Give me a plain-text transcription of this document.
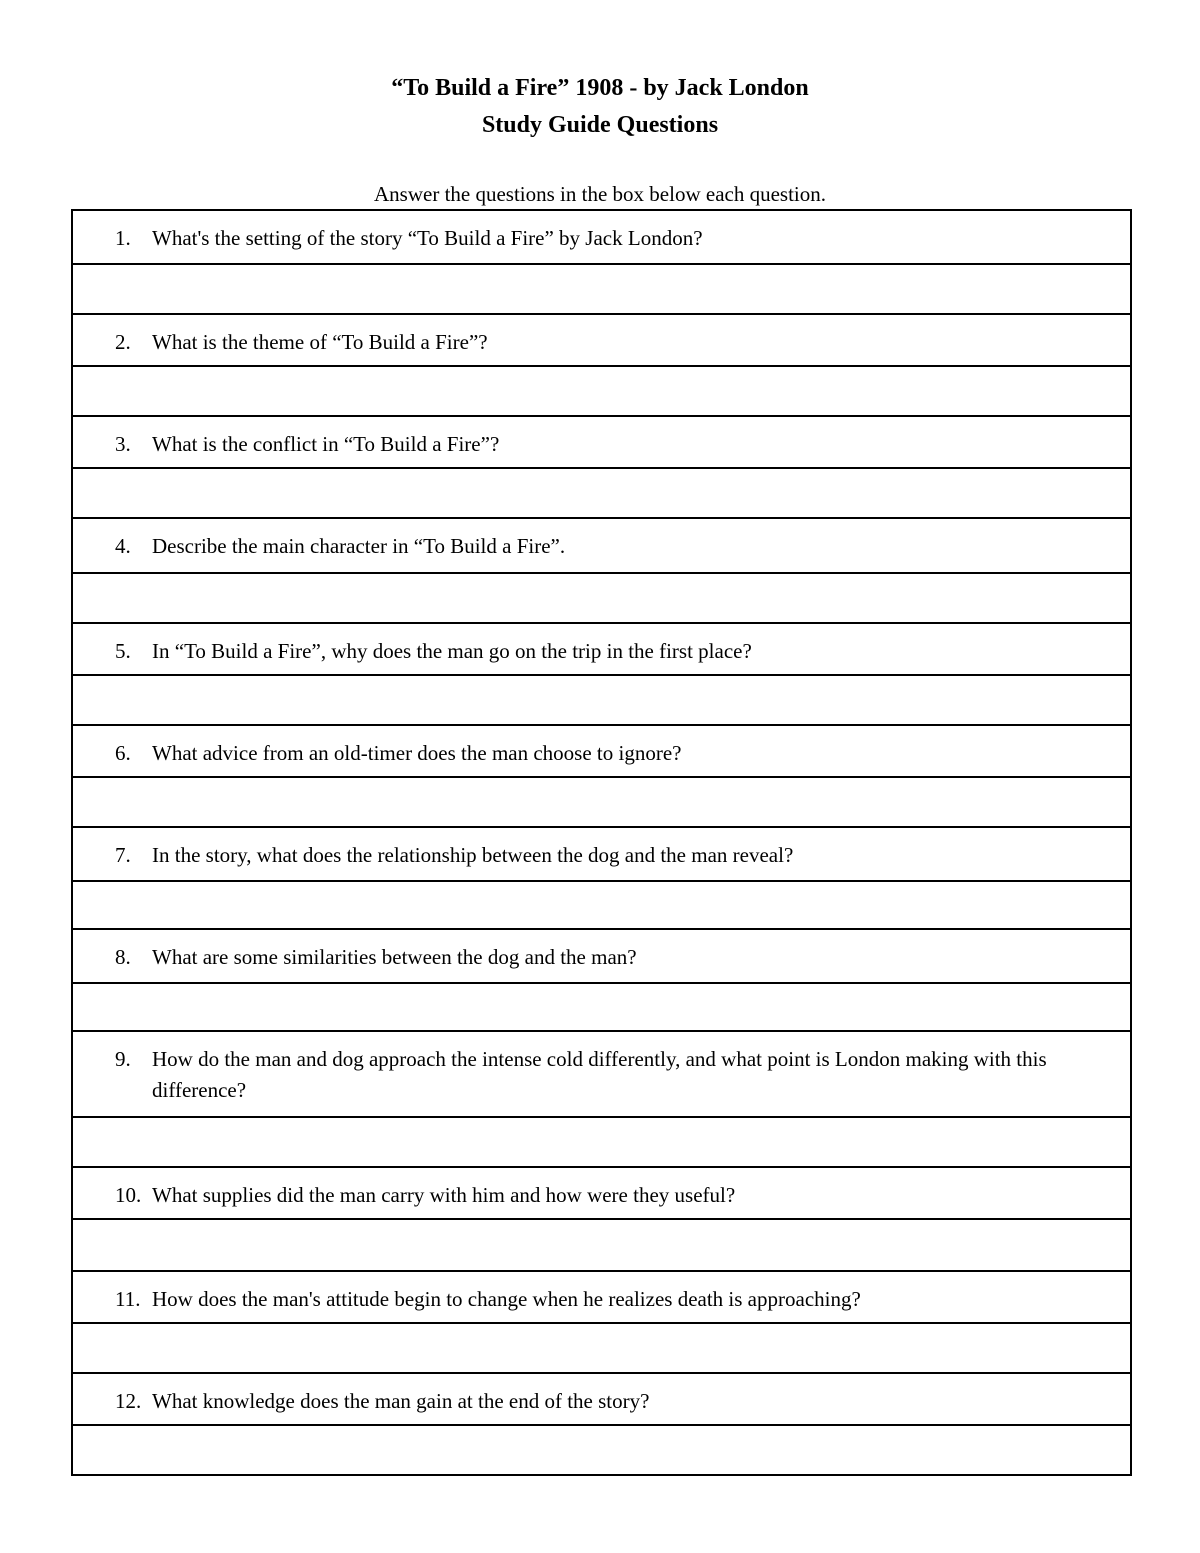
“To Build a Fire” 1908 - by Jack London
Study Guide Questions
Answer the questions in the box below each question.
1.	What's the setting of the story “To Build a Fire” by Jack London?
2.	What is the theme of “To Build a Fire”?
3.	What is the conflict in “To Build a Fire”?
4.	Describe the main character in “To Build a Fire”.
5.	In “To Build a Fire”, why does the man go on the trip in the first place?
6.	What advice from an old-timer does the man choose to ignore?
7.	In the story, what does the relationship between the dog and the man reveal?
8.	What are some similarities between the dog and the man?
9.	How do the man and dog approach the intense cold differently, and what point is London making with this difference?
10. What supplies did the man carry with him and how were they useful?
11. How does the man's attitude begin to change when he realizes death is approaching?
12. What knowledge does the man gain at the end of the story?
